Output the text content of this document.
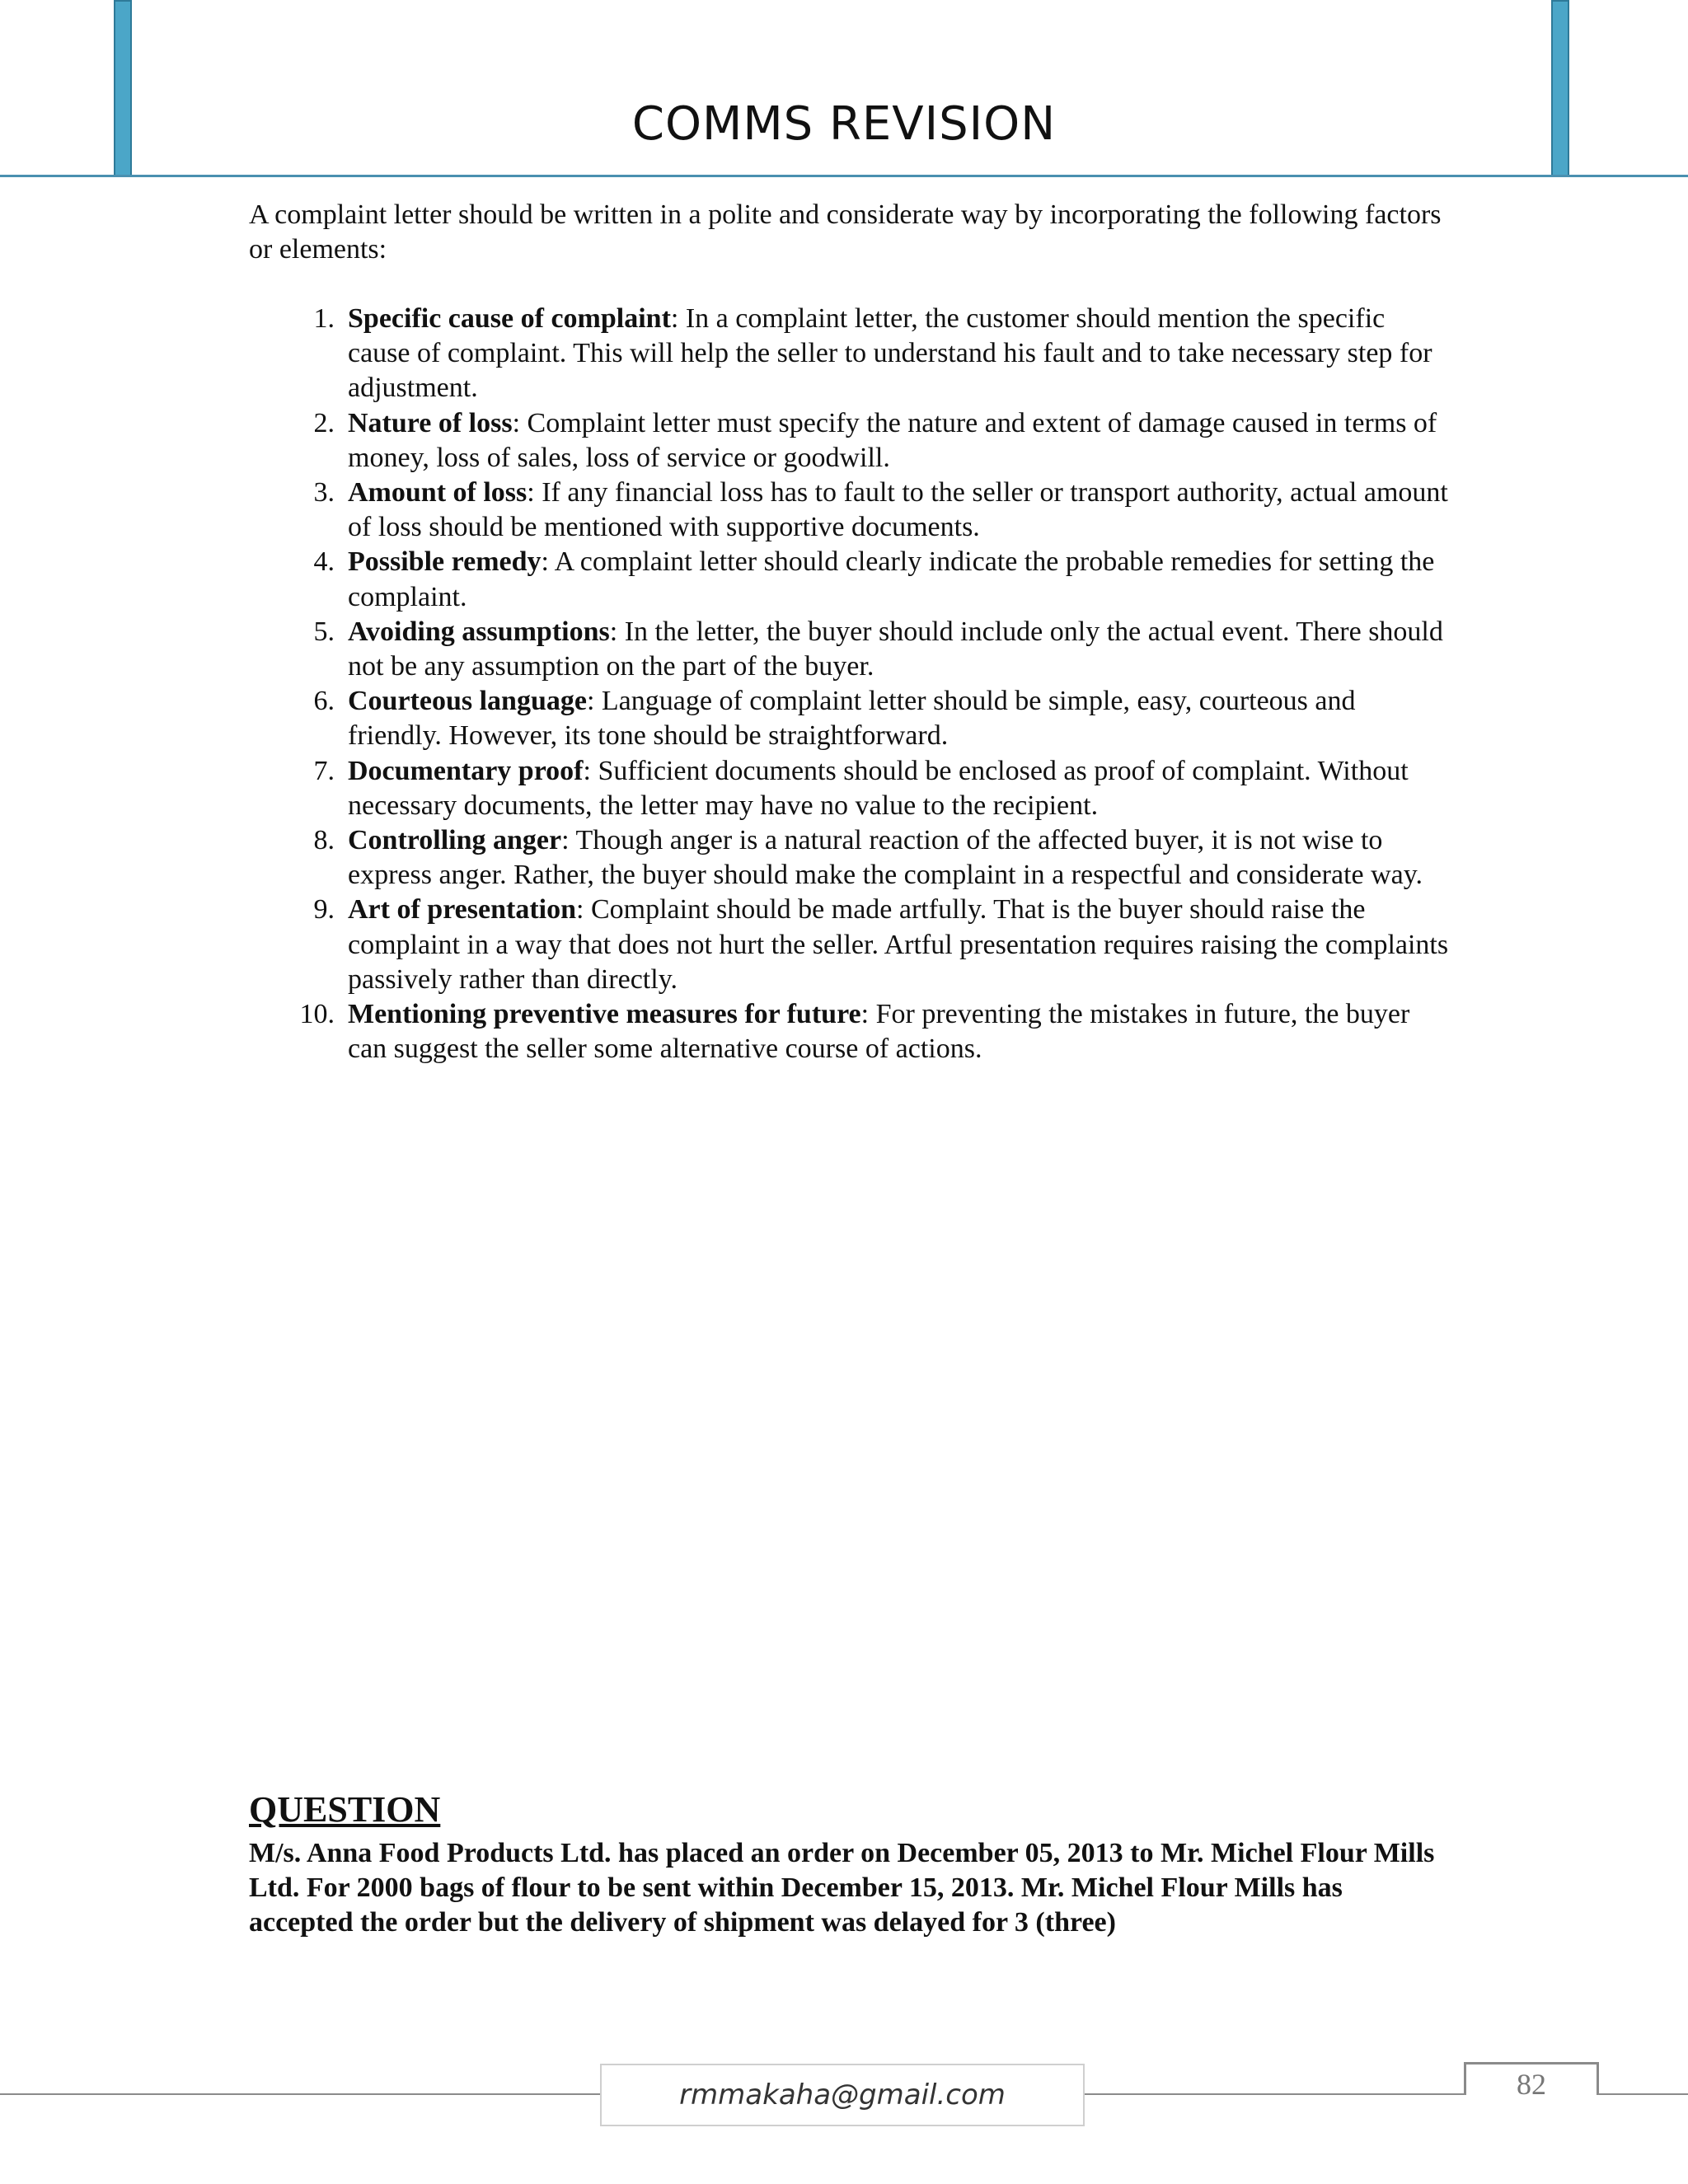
COMMS REVISION
A complaint letter should be written in a polite and considerate way by incorporating the following factors or elements:
1. Specific cause of complaint: In a complaint letter, the customer should mention the specific cause of complaint. This will help the seller to understand his fault and to take necessary step for adjustment.
2. Nature of loss: Complaint letter must specify the nature and extent of damage caused in terms of money, loss of sales, loss of service or goodwill.
3. Amount of loss: If any financial loss has to fault to the seller or transport authority, actual amount of loss should be mentioned with supportive documents.
4. Possible remedy: A complaint letter should clearly indicate the probable remedies for setting the complaint.
5. Avoiding assumptions: In the letter, the buyer should include only the actual event. There should not be any assumption on the part of the buyer.
6. Courteous language: Language of complaint letter should be simple, easy, courteous and friendly. However, its tone should be straightforward.
7. Documentary proof: Sufficient documents should be enclosed as proof of complaint. Without necessary documents, the letter may have no value to the recipient.
8. Controlling anger: Though anger is a natural reaction of the affected buyer, it is not wise to express anger. Rather, the buyer should make the complaint in a respectful and considerate way.
9. Art of presentation: Complaint should be made artfully. That is the buyer should raise the complaint in a way that does not hurt the seller. Artful presentation requires raising the complaints passively rather than directly.
10. Mentioning preventive measures for future: For preventing the mistakes in future, the buyer can suggest the seller some alternative course of actions.
QUESTION
M/s. Anna Food Products Ltd. has placed an order on December 05, 2013 to Mr. Michel Flour Mills Ltd. For 2000 bags of flour to be sent within December 15, 2013. Mr. Michel Flour Mills has accepted the order but the delivery of shipment was delayed for 3 (three)
rmmakaha@gmail.com	82
